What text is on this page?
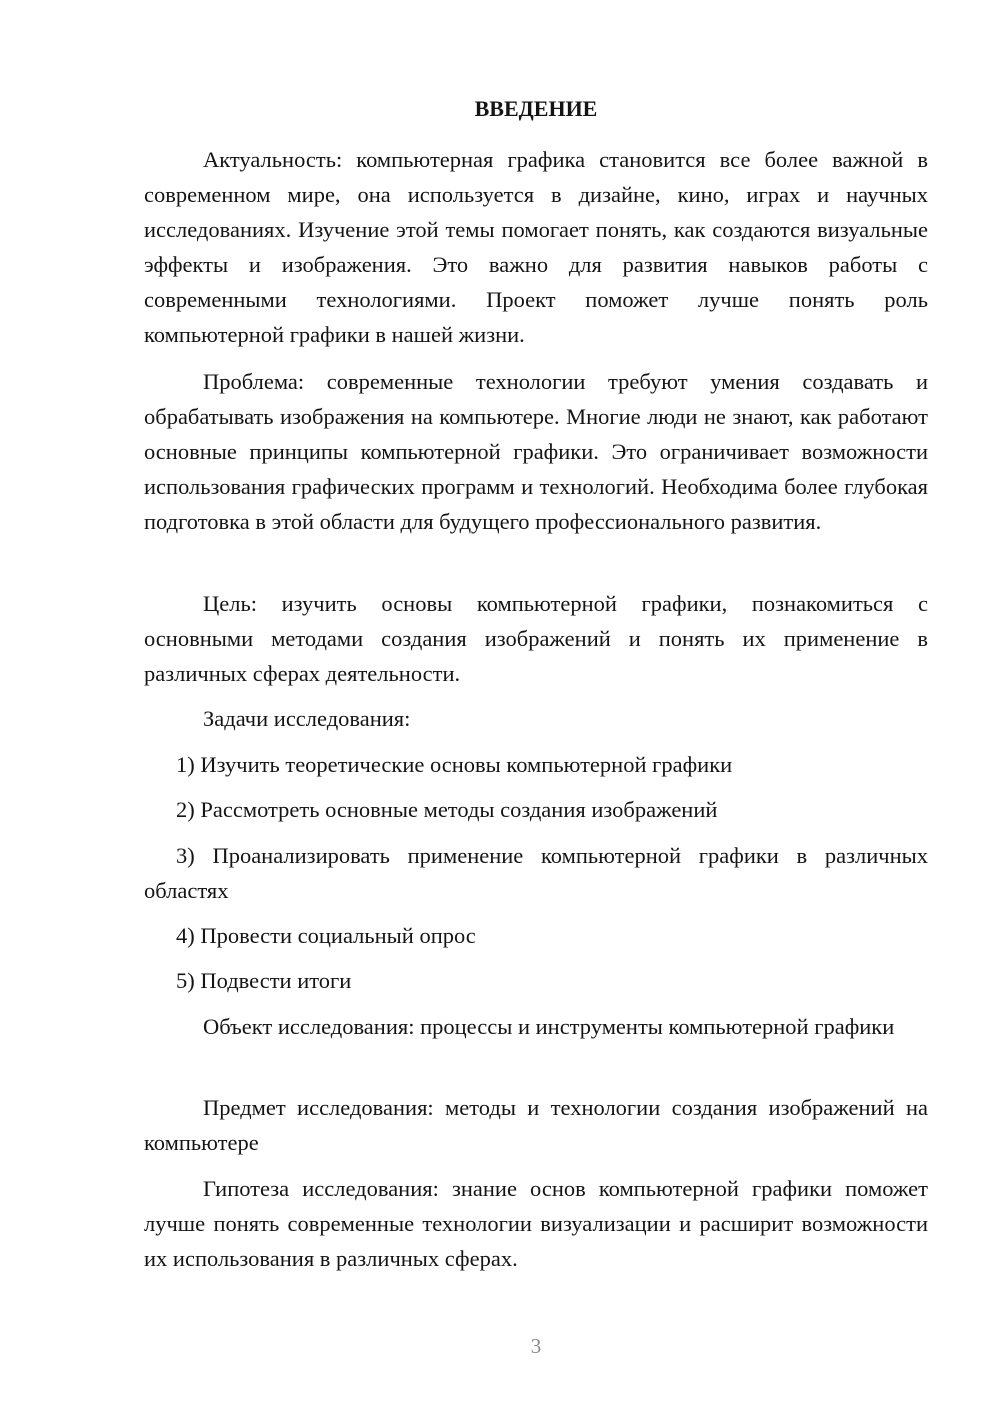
ВВЕДЕНИЕ

Актуальность: компьютерная графика становится все более важной в современном мире, она используется в дизайне, кино, играх и научных исследованиях. Изучение этой темы помогает понять, как создаются визуальные эффекты и изображения. Это важно для развития навыков работы с современными технологиями. Проект поможет лучше понять роль компьютерной графики в нашей жизни.

Проблема: современные технологии требуют умения создавать и обрабатывать изображения на компьютере. Многие люди не знают, как работают основные принципы компьютерной графики. Это ограничивает возможности использования графических программ и технологий. Необходима более глубокая подготовка в этой области для будущего профессионального развития.

Цель: изучить основы компьютерной графики, познакомиться с основными методами создания изображений и понять их применение в различных сферах деятельности.

Задачи исследования:

1) Изучить теоретические основы компьютерной графики

2) Рассмотреть основные методы создания изображений

3) Проанализировать применение компьютерной графики в различных областях

4) Провести социальный опрос

5) Подвести итоги

Объект исследования: процессы и инструменты компьютерной графики

Предмет исследования: методы и технологии создания изображений на компьютере

Гипотеза исследования: знание основ компьютерной графики поможет лучше понять современные технологии визуализации и расширит возможности их использования в различных сферах.

3
